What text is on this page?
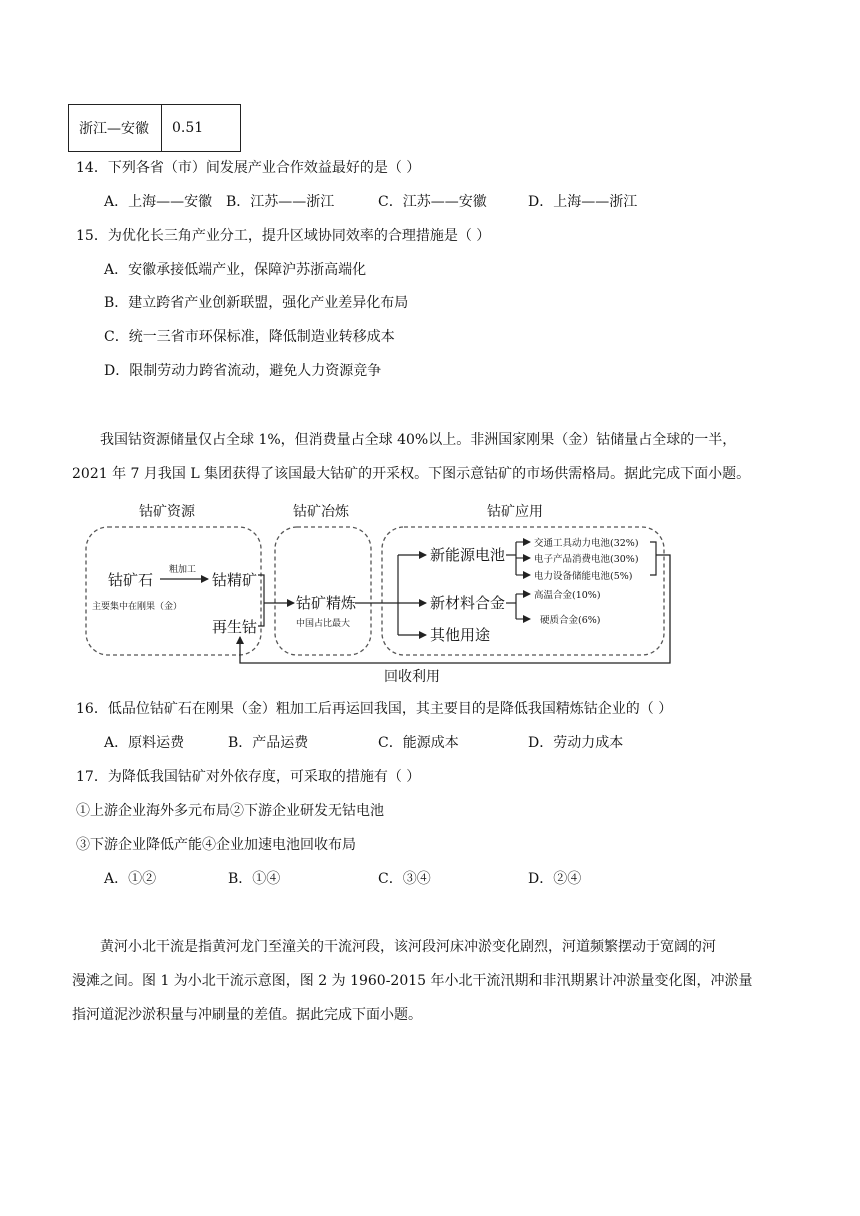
浙江—安徽	0.51
14．下列各省（市）间发展产业合作效益最好的是（ ）
A．上海——安徽 B．江苏——浙江	C．江苏——安徽	D．上海——浙江
15．为优化长三角产业分工，提升区域协同效率的合理措施是（ ）
A．安徽承接低端产业，保障沪苏浙高端化
B．建立跨省产业创新联盟，强化产业差异化布局
C．统一三省市环保标准，降低制造业转移成本
D．限制劳动力跨省流动，避免人力资源竞争

我国钴资源储量仅占全球 1%，但消费量占全球 40%以上。非洲国家刚果（金）钴储量占全球的一半，

2021 年 7 月我国 L 集团获得了该国最大钴矿的开采权。下图示意钴矿的市场供需格局。据此完成下面小题。

钴矿资源	钴矿冶炼	钴矿应用
钴矿石
主要集中在刚果（金）
粗加工
钴精矿
再生钴
钴矿精炼
中国占比最大
新能源电池
新材料合金
其他用途
交通工具动力电池(32%)
电子产品消费电池(30%)
电力设备储能电池(5%)
高温合金(10%)
硬质合金(6%)
回收利用
16．低品位钴矿石在刚果（金）粗加工后再运回我国，其主要目的是降低我国精炼钴企业的（ ）
A．原料运费	B．产品运费	C．能源成本	D．劳动力成本
17．为降低我国钴矿对外依存度，可采取的措施有（ ）
①上游企业海外多元布局②下游企业研发无钴电池
③下游企业降低产能④企业加速电池回收布局
A．①②	B．①④	C．③④	D．②④

黄河小北干流是指黄河龙门至潼关的干流河段，该河段河床冲淤变化剧烈，河道频繁摆动于宽阔的河

漫滩之间。图 1 为小北干流示意图，图 2 为 1960-2015 年小北干流汛期和非汛期累计冲淤量变化图，冲淤量

指河道泥沙淤积量与冲刷量的差值。据此完成下面小题。
